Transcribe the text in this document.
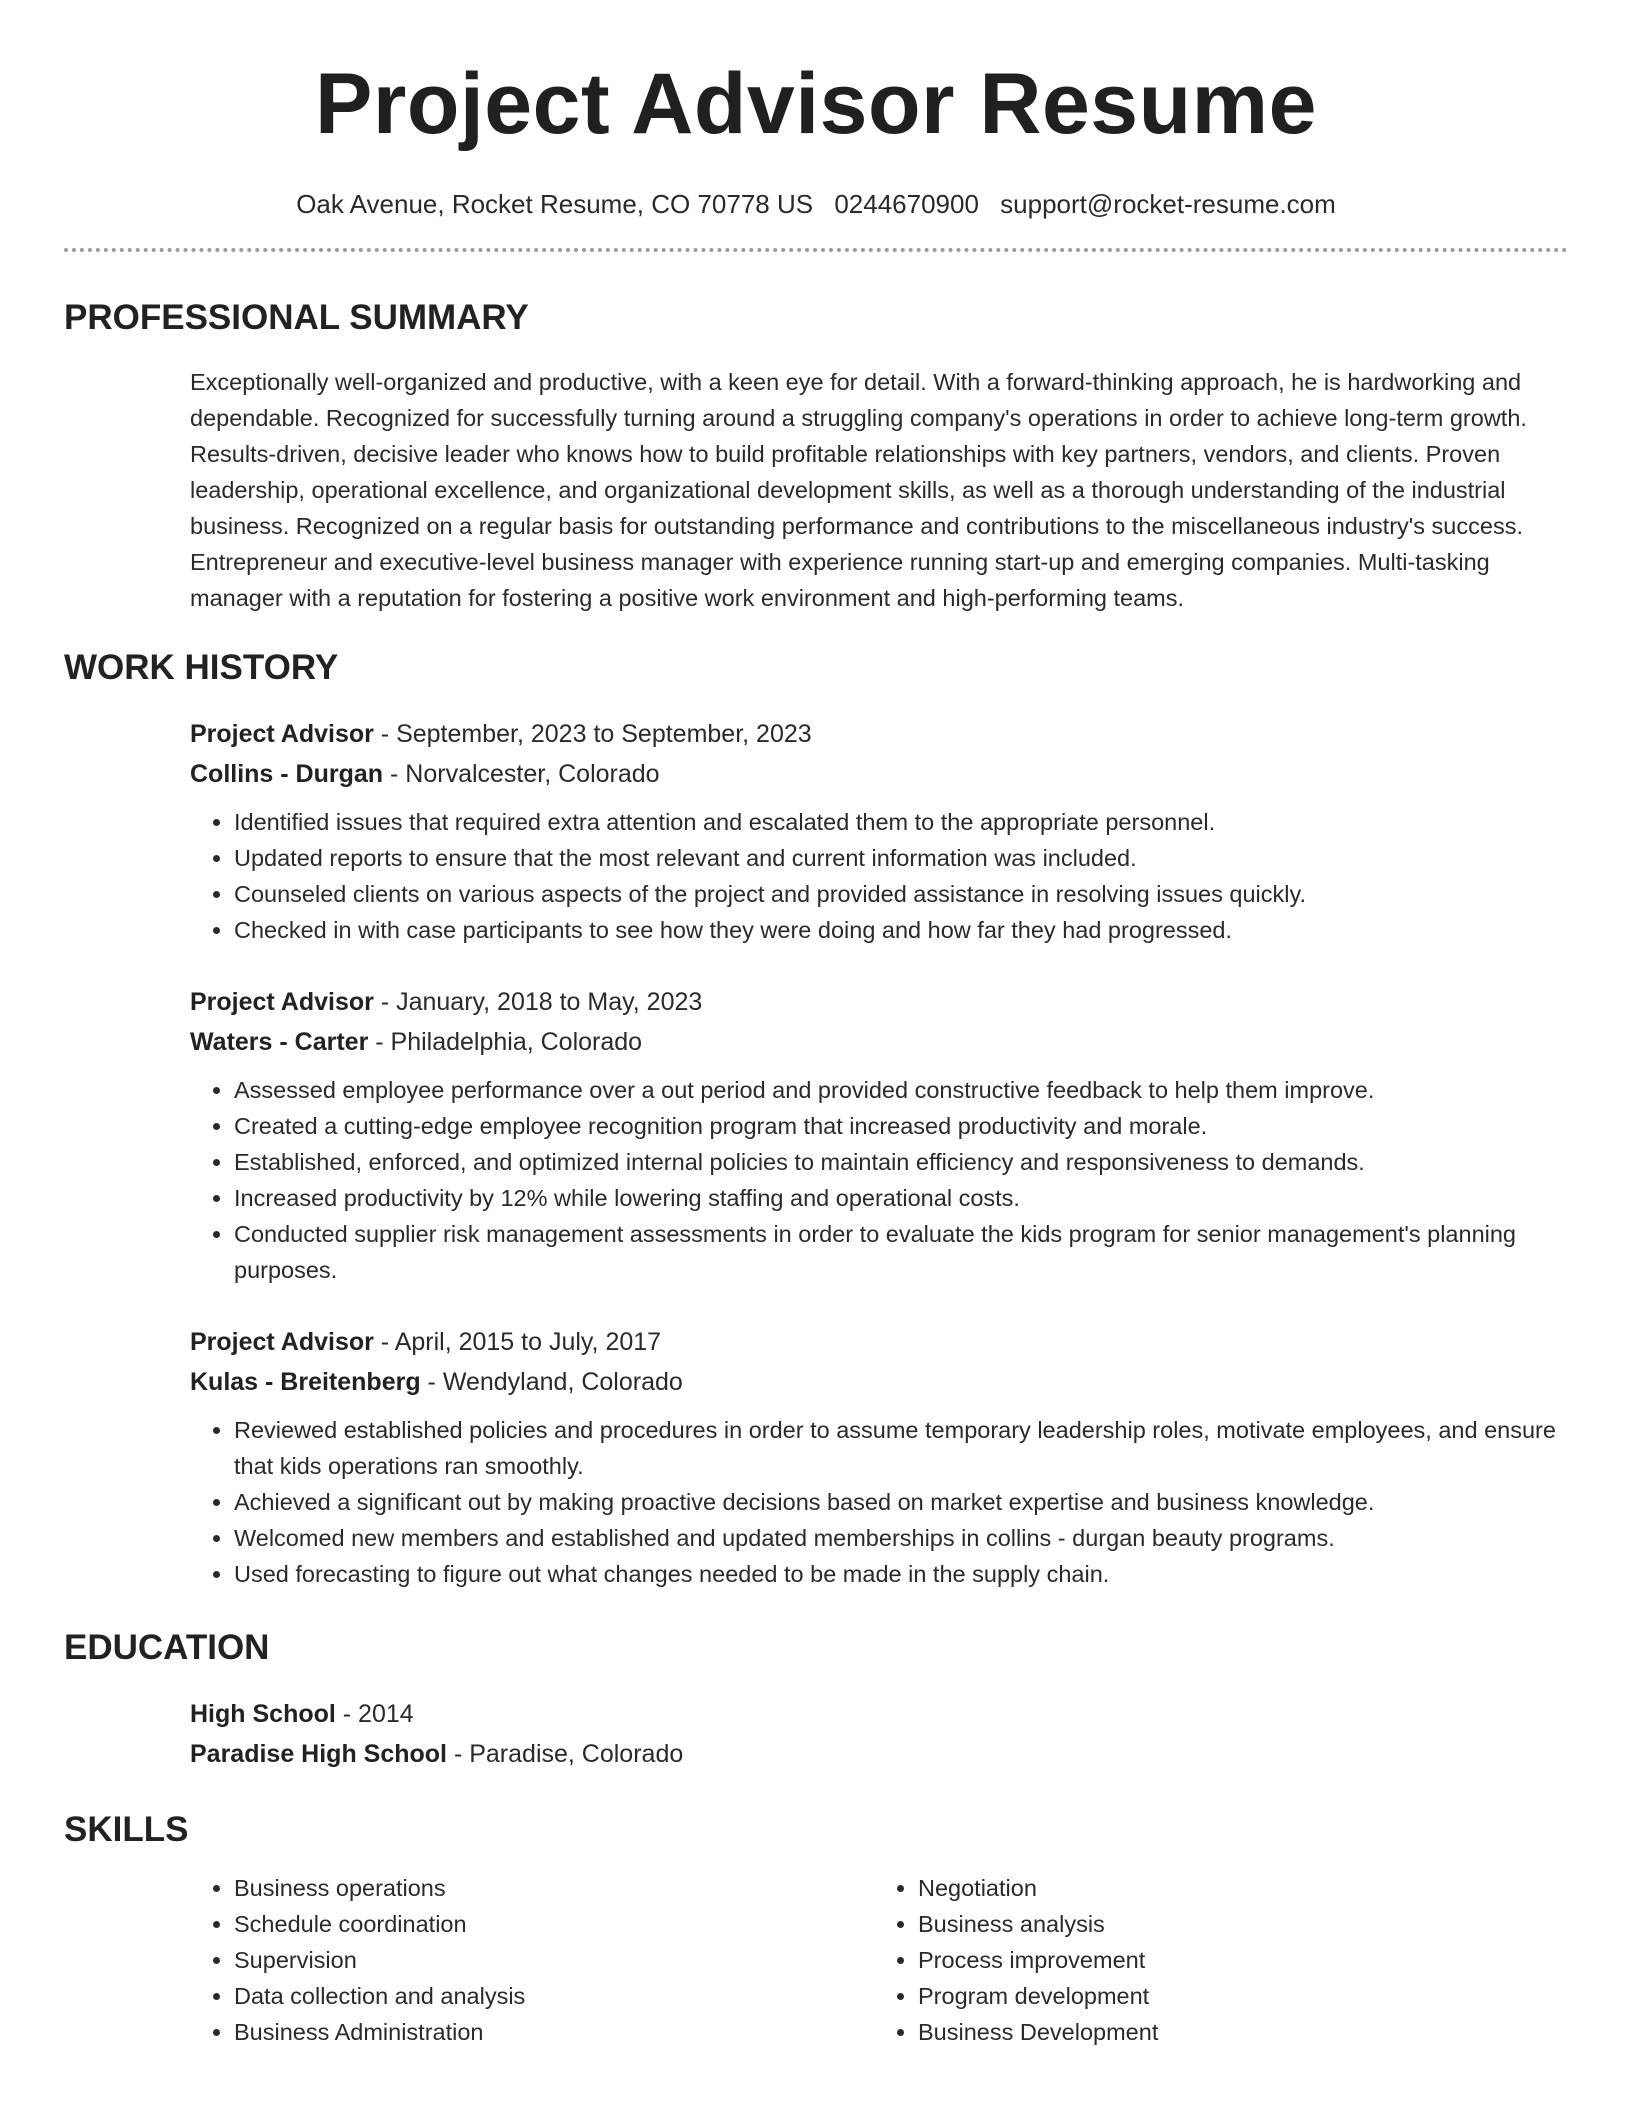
Project Advisor Resume
Oak Avenue, Rocket Resume, CO 70778 US 0244670900 support@rocket-resume.com
PROFESSIONAL SUMMARY
Exceptionally well-organized and productive, with a keen eye for detail. With a forward-thinking approach, he is hardworking and dependable. Recognized for successfully turning around a struggling company's operations in order to achieve long-term growth. Results-driven, decisive leader who knows how to build profitable relationships with key partners, vendors, and clients. Proven leadership, operational excellence, and organizational development skills, as well as a thorough understanding of the industrial business. Recognized on a regular basis for outstanding performance and contributions to the miscellaneous industry's success. Entrepreneur and executive-level business manager with experience running start-up and emerging companies. Multi-tasking manager with a reputation for fostering a positive work environment and high-performing teams.
WORK HISTORY
Project Advisor - September, 2023 to September, 2023
Collins - Durgan - Norvalcester, Colorado
• Identified issues that required extra attention and escalated them to the appropriate personnel.
• Updated reports to ensure that the most relevant and current information was included.
• Counseled clients on various aspects of the project and provided assistance in resolving issues quickly.
• Checked in with case participants to see how they were doing and how far they had progressed.
Project Advisor - January, 2018 to May, 2023
Waters - Carter - Philadelphia, Colorado
• Assessed employee performance over a out period and provided constructive feedback to help them improve.
• Created a cutting-edge employee recognition program that increased productivity and morale.
• Established, enforced, and optimized internal policies to maintain efficiency and responsiveness to demands.
• Increased productivity by 12% while lowering staffing and operational costs.
• Conducted supplier risk management assessments in order to evaluate the kids program for senior management's planning purposes.
Project Advisor - April, 2015 to July, 2017
Kulas - Breitenberg - Wendyland, Colorado
• Reviewed established policies and procedures in order to assume temporary leadership roles, motivate employees, and ensure that kids operations ran smoothly.
• Achieved a significant out by making proactive decisions based on market expertise and business knowledge.
• Welcomed new members and established and updated memberships in collins - durgan beauty programs.
• Used forecasting to figure out what changes needed to be made in the supply chain.
EDUCATION
High School - 2014
Paradise High School - Paradise, Colorado
SKILLS
• Business operations
• Schedule coordination
• Supervision
• Data collection and analysis
• Business Administration
• Negotiation
• Business analysis
• Process improvement
• Program development
• Business Development
